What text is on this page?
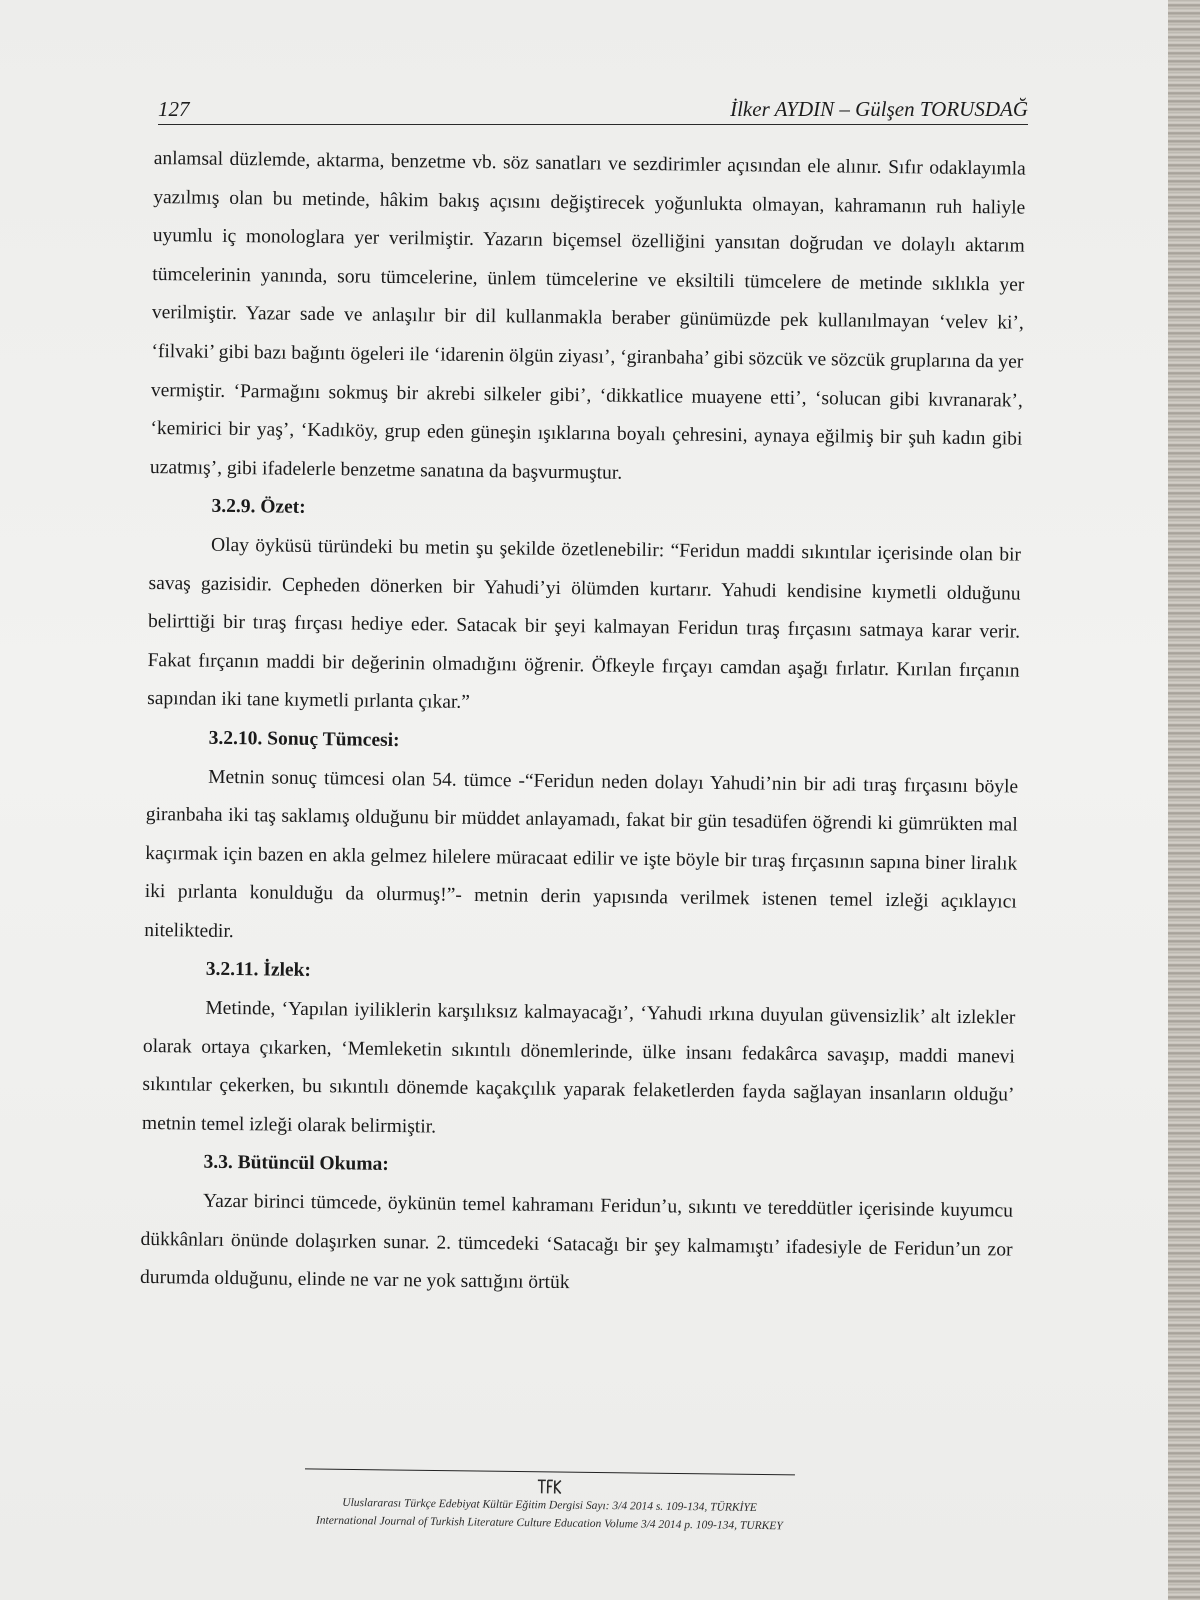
127	İlker AYDIN – Gülşen TORUSDAĞ

anlamsal düzlemde, aktarma, benzetme vb. söz sanatları ve sezdirimler açısından ele alınır. Sıfır odaklayımla yazılmış olan bu metinde, hâkim bakış açısını değiştirecek yoğunlukta olmayan, kahramanın ruh haliyle uyumlu iç monologlara yer verilmiştir. Yazarın biçemsel özelliğini yansıtan doğrudan ve dolaylı aktarım tümcelerinin yanında, soru tümcelerine, ünlem tümcelerine ve eksiltili tümcelere de metinde sıklıkla yer verilmiştir. Yazar sade ve anlaşılır bir dil kullanmakla beraber günümüzde pek kullanılmayan ‘velev ki’, ‘filvaki’ gibi bazı bağıntı ögeleri ile ‘idarenin ölgün ziyası’, ‘giranbaha’ gibi sözcük ve sözcük gruplarına da yer vermiştir. ‘Parmağını sokmuş bir akrebi silkeler gibi’, ‘dikkatlice muayene etti’, ‘solucan gibi kıvranarak’, ‘kemirici bir yaş’, ‘Kadıköy, grup eden güneşin ışıklarına boyalı çehresini, aynaya eğilmiş bir şuh kadın gibi uzatmış’, gibi ifadelerle benzetme sanatına da başvurmuştur.

3.2.9. Özet:

Olay öyküsü türündeki bu metin şu şekilde özetlenebilir: “Feridun maddi sıkıntılar içerisinde olan bir savaş gazisidir. Cepheden dönerken bir Yahudi’yi ölümden kurtarır. Yahudi kendisine kıymetli olduğunu belirttiği bir tıraş fırçası hediye eder. Satacak bir şeyi kalmayan Feridun tıraş fırçasını satmaya karar verir. Fakat fırçanın maddi bir değerinin olmadığını öğrenir. Öfkeyle fırçayı camdan aşağı fırlatır. Kırılan fırçanın sapından iki tane kıymetli pırlanta çıkar.”

3.2.10. Sonuç Tümcesi:

Metnin sonuç tümcesi olan 54. tümce -“Feridun neden dolayı Yahudi’nin bir adi tıraş fırçasını böyle giranbaha iki taş saklamış olduğunu bir müddet anlayamadı, fakat bir gün tesadüfen öğrendi ki gümrükten mal kaçırmak için bazen en akla gelmez hilelere müracaat edilir ve işte böyle bir tıraş fırçasının sapına biner liralık iki pırlanta konulduğu da olurmuş!”- metnin derin yapısında verilmek istenen temel izleği açıklayıcı niteliktedir.

3.2.11. İzlek:

Metinde, ‘Yapılan iyiliklerin karşılıksız kalmayacağı’, ‘Yahudi ırkına duyulan güvensizlik’ alt izlekler olarak ortaya çıkarken, ‘Memleketin sıkıntılı dönemlerinde, ülke insanı fedakârca savaşıp, maddi manevi sıkıntılar çekerken, bu sıkıntılı dönemde kaçakçılık yaparak felaketlerden fayda sağlayan insanların olduğu’ metnin temel izleği olarak belirmiştir.

3.3. Bütüncül Okuma:

Yazar birinci tümcede, öykünün temel kahramanı Feridun’u, sıkıntı ve tereddütler içerisinde kuyumcu dükkânları önünde dolaşırken sunar. 2. tümcedeki ‘Satacağı bir şey kalmamıştı’ ifadesiyle de Feridun’un zor durumda olduğunu, elinde ne var ne yok sattığını örtük

Uluslararası Türkçe Edebiyat Kültür Eğitim Dergisi Sayı: 3/4 2014 s. 109-134, TÜRKİYE
International Journal of Turkish Literature Culture Education Volume 3/4 2014 p. 109-134, TURKEY
